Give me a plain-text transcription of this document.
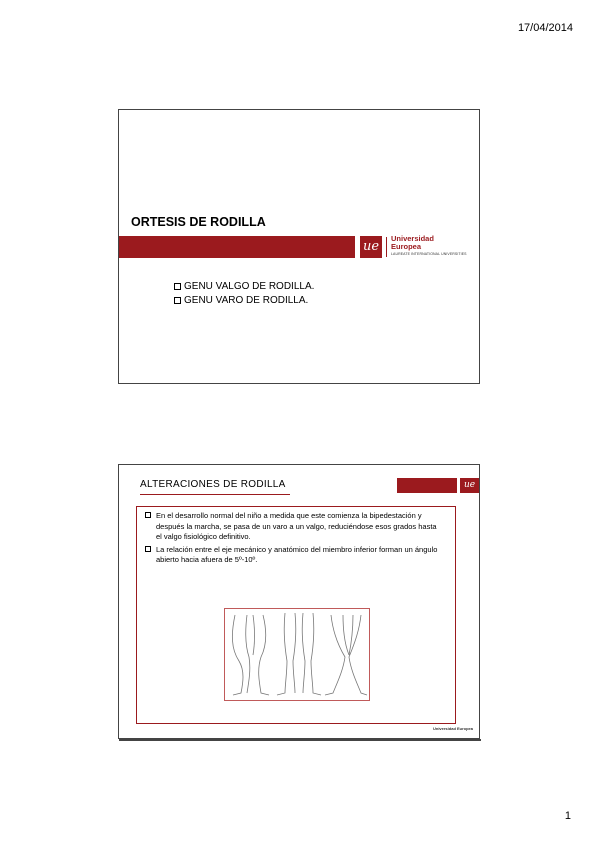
17/04/2014
ORTESIS DE RODILLA
ue
Universidad
Europea
LAUREATE INTERNATIONAL UNIVERSITIES
GENU VALGO DE RODILLA.
GENU VARO DE RODILLA.
ALTERACIONES DE RODILLA	ue
En el desarrollo normal del niño a medida que este comienza la bipedestación y después la marcha, se pasa de un varo a un valgo, reduciéndose esos grados hasta el valgo fisiológico definitivo.
La relación entre el eje mecánico y anatómico del miembro inferior forman un ángulo abierto hacia afuera de 5º-10º.
Universidad Europea
1
